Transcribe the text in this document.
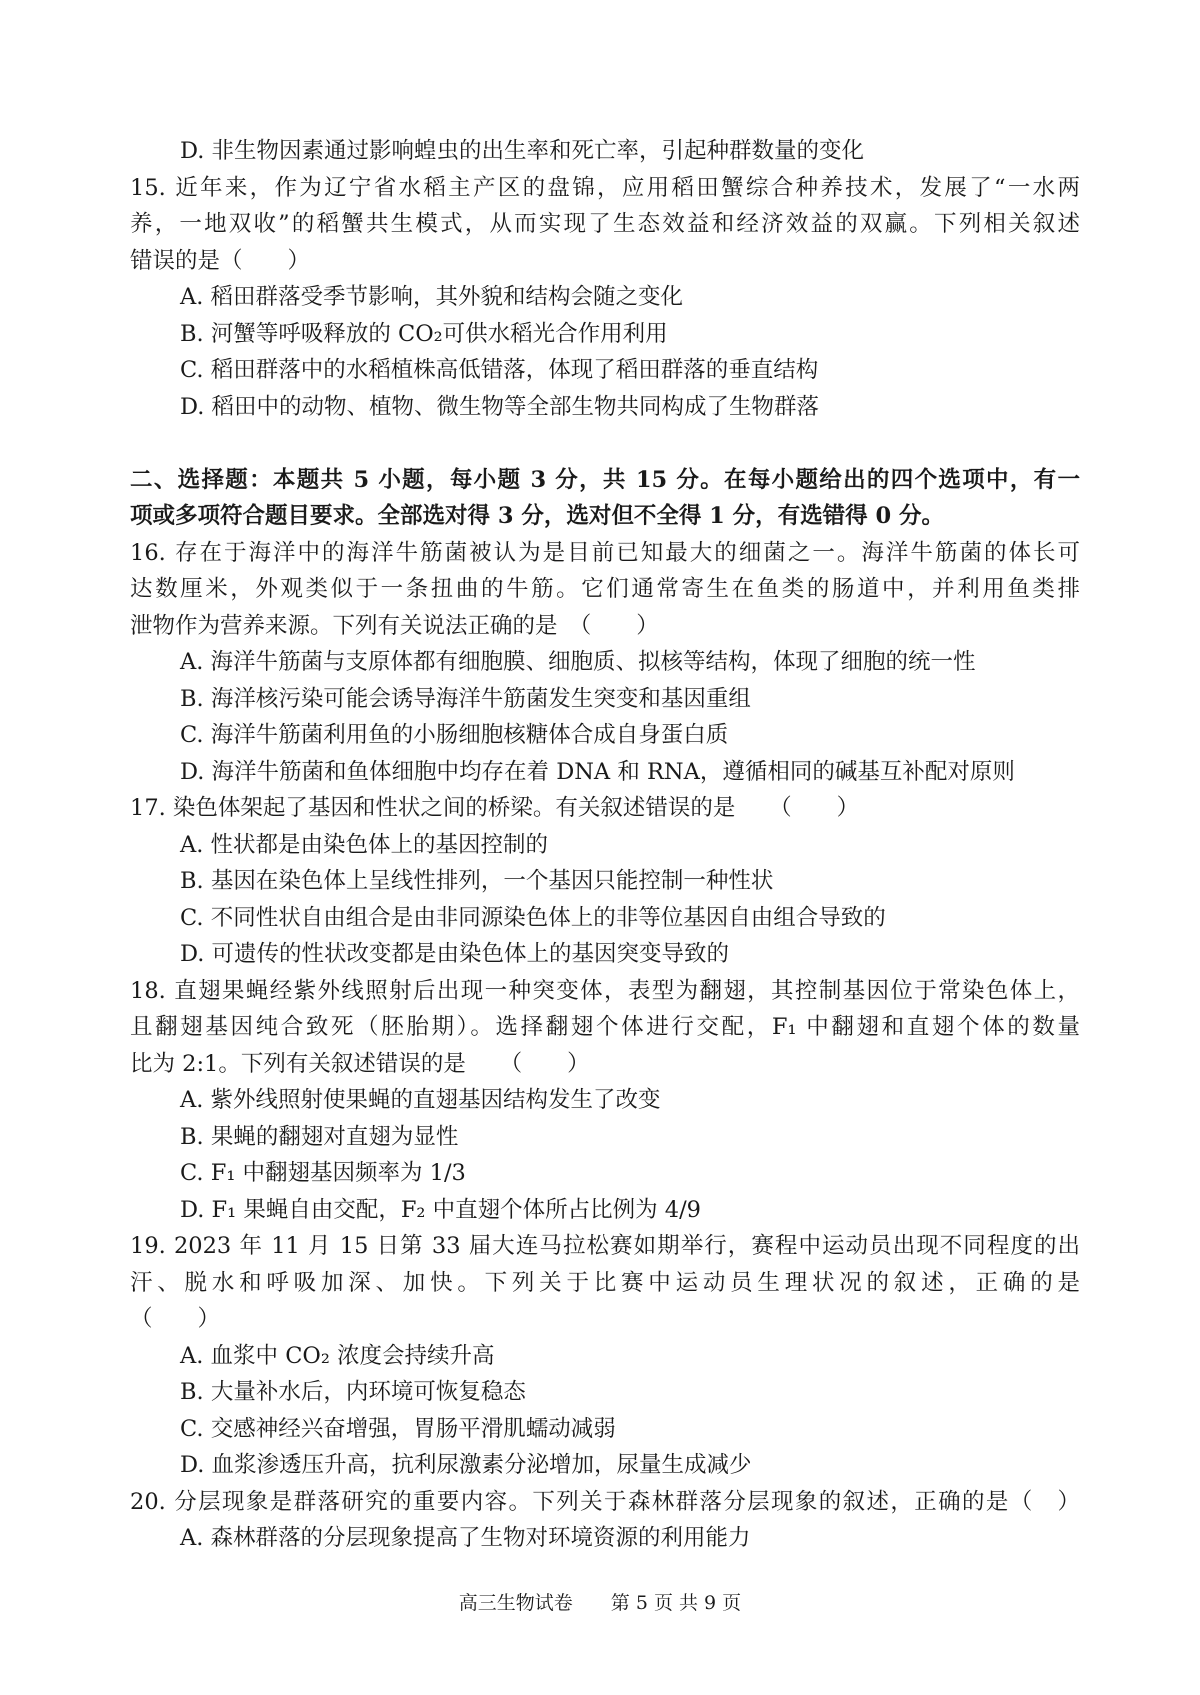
D. 非生物因素通过影响蝗虫的出生率和死亡率，引起种群数量的变化
15. 近年来，作为辽宁省水稻主产区的盘锦，应用稻田蟹综合种养技术，发展了“一水两
养，一地双收”的稻蟹共生模式，从而实现了生态效益和经济效益的双赢。下列相关叙述
错误的是（　　）
A. 稻田群落受季节影响，其外貌和结构会随之变化
B. 河蟹等呼吸释放的 CO₂可供水稻光合作用利用
C. 稻田群落中的水稻植株高低错落，体现了稻田群落的垂直结构
D. 稻田中的动物、植物、微生物等全部生物共同构成了生物群落
二、选择题：本题共 5 小题，每小题 3 分，共 15 分。在每小题给出的四个选项中，有一
项或多项符合题目要求。全部选对得 3 分，选对但不全得 1 分，有选错得 0 分。
16. 存在于海洋中的海洋牛筋菌被认为是目前已知最大的细菌之一。海洋牛筋菌的体长可
达数厘米，外观类似于一条扭曲的牛筋。它们通常寄生在鱼类的肠道中，并利用鱼类排
泄物作为营养来源。下列有关说法正确的是　（　　）
A. 海洋牛筋菌与支原体都有细胞膜、细胞质、拟核等结构，体现了细胞的统一性
B. 海洋核污染可能会诱导海洋牛筋菌发生突变和基因重组
C. 海洋牛筋菌利用鱼的小肠细胞核糖体合成自身蛋白质
D. 海洋牛筋菌和鱼体细胞中均存在着 DNA 和 RNA，遵循相同的碱基互补配对原则
17. 染色体架起了基因和性状之间的桥梁。有关叙述错误的是　　（　　）
A. 性状都是由染色体上的基因控制的
B. 基因在染色体上呈线性排列，一个基因只能控制一种性状
C. 不同性状自由组合是由非同源染色体上的非等位基因自由组合导致的
D. 可遗传的性状改变都是由染色体上的基因突变导致的
18. 直翅果蝇经紫外线照射后出现一种突变体，表型为翻翅，其控制基因位于常染色体上，
且翻翅基因纯合致死（胚胎期）。选择翻翅个体进行交配，F₁ 中翻翅和直翅个体的数量
比为 2:1。下列有关叙述错误的是　　（　　）
A. 紫外线照射使果蝇的直翅基因结构发生了改变
B. 果蝇的翻翅对直翅为显性
C. F₁ 中翻翅基因频率为 1/3
D. F₁ 果蝇自由交配，F₂ 中直翅个体所占比例为 4/9
19. 2023 年 11 月 15 日第 33 届大连马拉松赛如期举行，赛程中运动员出现不同程度的出
汗、脱水和呼吸加深、加快。下列关于比赛中运动员生理状况的叙述，正确的是
（　　）
A. 血浆中 CO₂ 浓度会持续升高
B. 大量补水后，内环境可恢复稳态
C. 交感神经兴奋增强，胃肠平滑肌蠕动减弱
D. 血浆渗透压升高，抗利尿激素分泌增加，尿量生成减少
20. 分层现象是群落研究的重要内容。下列关于森林群落分层现象的叙述，正确的是（　）
A. 森林群落的分层现象提高了生物对环境资源的利用能力
高三生物试卷　　第 5 页 共 9 页
